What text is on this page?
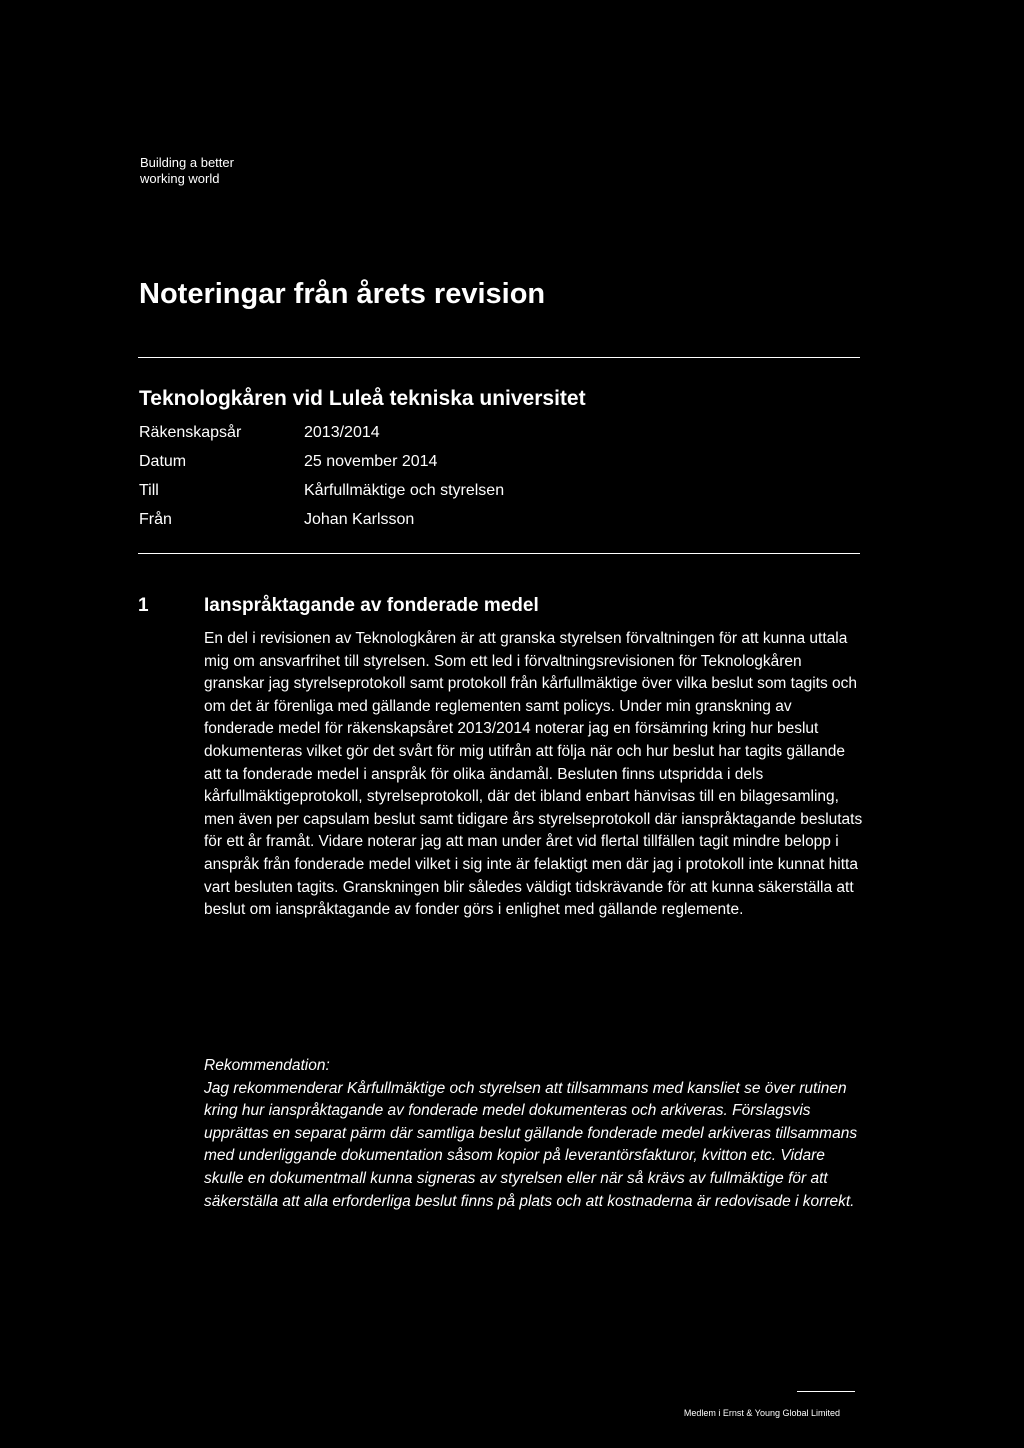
Building a better
working world
Noteringar från årets revision
Teknologkåren vid Luleå tekniska universitet
Räkenskapsår	2013/2014
Datum	25 november 2014
Till	Kårfullmäktige och styrelsen
Från	Johan Karlsson
1	Ianspråktagande av fonderade medel

En del i revisionen av Teknologkåren är att granska styrelsen förvaltningen för att kunna uttala mig om ansvarfrihet till styrelsen. Som ett led i förvaltningsrevisionen för Teknologkåren granskar jag styrelseprotokoll samt protokoll från kårfullmäktige över vilka beslut som tagits och om det är förenliga med gällande reglementen samt policys. Under min granskning av fonderade medel för räkenskapsåret 2013/2014 noterar jag en försämring kring hur beslut dokumenteras vilket gör det svårt för mig utifrån att följa när och hur beslut har tagits gällande att ta fonderade medel i anspråk för olika ändamål. Besluten finns utspridda i dels kårfullmäktigeprotokoll, styrelseprotokoll, där det ibland enbart hänvisas till en bilagesamling, men även per capsulam beslut samt tidigare års styrelseprotokoll där ianspråktagande beslutats för ett år framåt. Vidare noterar jag att man under året vid flertal tillfällen tagit mindre belopp i anspråk från fonderade medel vilket i sig inte är felaktigt men där jag i protokoll inte kunnat hitta vart besluten tagits. Granskningen blir således väldigt tidskrävande för att kunna säkerställa att beslut om ianspråktagande av fonder görs i enlighet med gällande reglemente.

Rekommendation:
Jag rekommenderar Kårfullmäktige och styrelsen att tillsammans med kansliet se över rutinen kring hur ianspråktagande av fonderade medel dokumenteras och arkiveras. Förslagsvis upprättas en separat pärm där samtliga beslut gällande fonderade medel arkiveras tillsammans med underliggande dokumentation såsom kopior på leverantörsfakturor, kvitton etc. Vidare skulle en dokumentmall kunna signeras av styrelsen eller när så krävs av fullmäktige för att säkerställa att alla erforderliga beslut finns på plats och att kostnaderna är redovisade i korrekt.
Medlem i Ernst & Young Global Limited
